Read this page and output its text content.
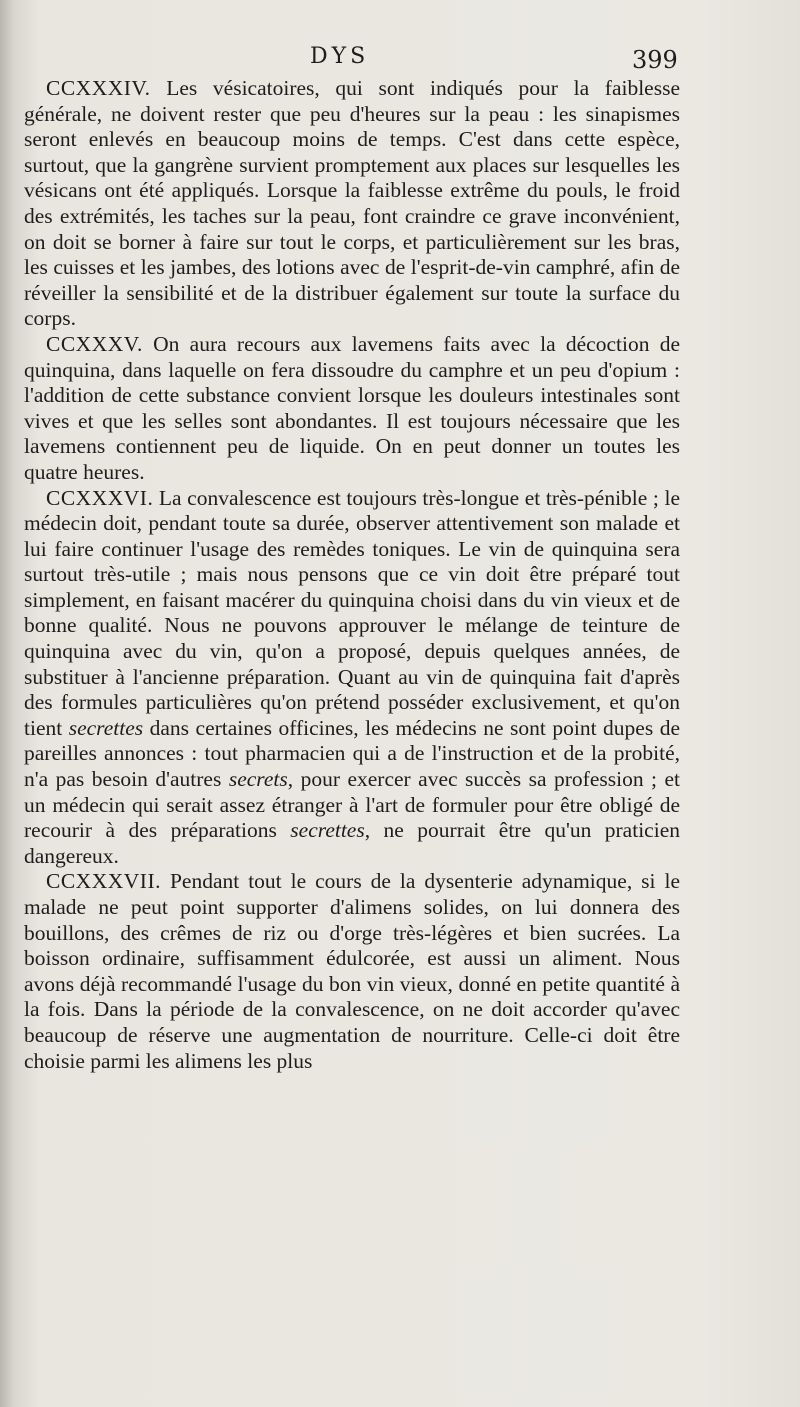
DYS	399

CCXXXIV. Les vésicatoires, qui sont indiqués pour la faiblesse générale, ne doivent rester que peu d'heures sur la peau : les sinapismes seront enlevés en beaucoup moins de temps. C'est dans cette espèce, surtout, que la gangrène survient promptement aux places sur lesquelles les vésicans ont été appliqués. Lorsque la faiblesse extrême du pouls, le froid des extrémités, les taches sur la peau, font craindre ce grave inconvénient, on doit se borner à faire sur tout le corps, et particulièrement sur les bras, les cuisses et les jambes, des lotions avec de l'esprit-de-vin camphré, afin de réveiller la sensibilité et de la distribuer également sur toute la surface du corps.

CCXXXV. On aura recours aux lavemens faits avec la décoction de quinquina, dans laquelle on fera dissoudre du camphre et un peu d'opium : l'addition de cette substance convient lorsque les douleurs intestinales sont vives et que les selles sont abondantes. Il est toujours nécessaire que les lavemens contiennent peu de liquide. On en peut donner un toutes les quatre heures.

CCXXXVI. La convalescence est toujours très-longue et très-pénible ; le médecin doit, pendant toute sa durée, observer attentivement son malade et lui faire continuer l'usage des remèdes toniques. Le vin de quinquina sera surtout très-utile ; mais nous pensons que ce vin doit être préparé tout simplement, en faisant macérer du quinquina choisi dans du vin vieux et de bonne qualité. Nous ne pouvons approuver le mélange de teinture de quinquina avec du vin, qu'on a proposé, depuis quelques années, de substituer à l'ancienne préparation. Quant au vin de quinquina fait d'après des formules particulières qu'on prétend posséder exclusivement, et qu'on tient secrettes dans certaines officines, les médecins ne sont point dupes de pareilles annonces : tout pharmacien qui a de l'instruction et de la probité, n'a pas besoin d'autres secrets, pour exercer avec succès sa profession ; et un médecin qui serait assez étranger à l'art de formuler pour être obligé de recourir à des préparations secrettes, ne pourrait être qu'un praticien dangereux.

CCXXXVII. Pendant tout le cours de la dysenterie adynamique, si le malade ne peut point supporter d'alimens solides, on lui donnera des bouillons, des crêmes de riz ou d'orge très-légères et bien sucrées. La boisson ordinaire, suffisamment édulcorée, est aussi un aliment. Nous avons déjà recommandé l'usage du bon vin vieux, donné en petite quantité à la fois. Dans la période de la convalescence, on ne doit accorder qu'avec beaucoup de réserve une augmentation de nourriture. Celle-ci doit être choisie parmi les alimens les plus
